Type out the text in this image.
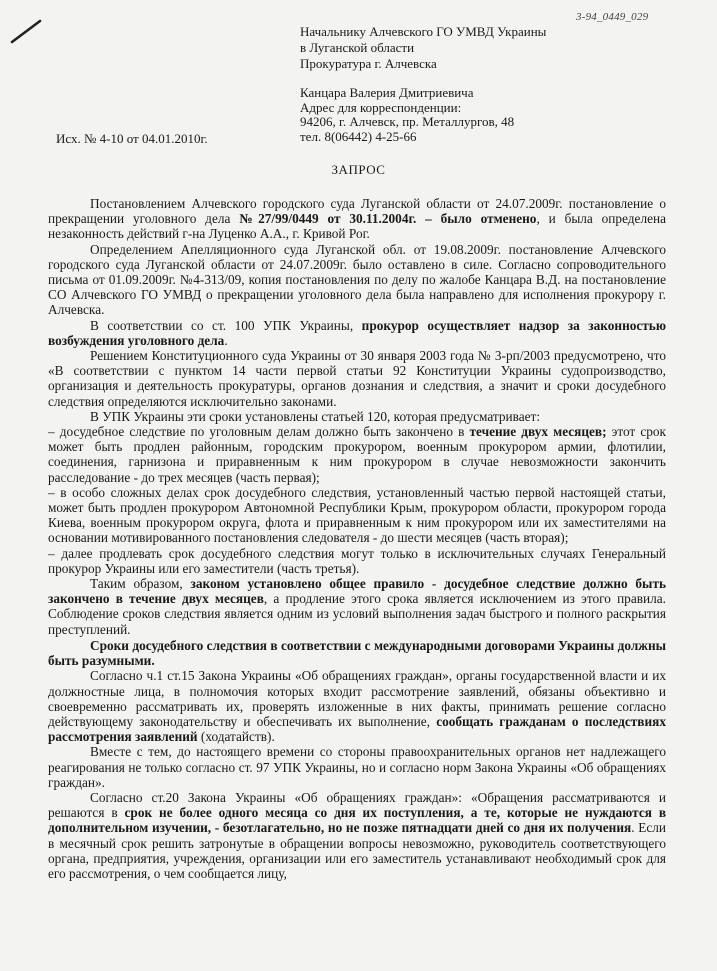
3-94_0449_029
Начальнику Алчевского ГО УМВД Украины
в Луганской области
Прокуратура г. Алчевска
Канцара Валерия Дмитриевича
Адрес для корреспонденции:
94206, г. Алчевск, пр. Металлургов, 48
тел. 8(06442) 4-25-66
Исх. № 4-10 от 04.01.2010г.
ЗАПРОС

Постановлением Алчевского городского суда Луганской области от 24.07.2009г. постановление о прекращении уголовного дела №27/99/0449 от 30.11.2004г. – было отменено, и была определена незаконность действий г-на Луценко А.А., г. Кривой Рог.

Определением Апелляционного суда Луганской обл. от 19.08.2009г. постановление Алчевского городского суда Луганской области от 24.07.2009г. было оставлено в силе. Согласно сопроводительного письма от 01.09.2009г. №4-313/09, копия постановления по делу по жалобе Канцара В.Д. на постановление СО Алчевского ГО УМВД о прекращении уголовного дела была направлено для исполнения прокурору г. Алчевска.

В соответствии со ст. 100 УПК Украины, прокурор осуществляет надзор за законностью возбуждения уголовного дела.

Решением Конституционного суда Украины от 30 января 2003 года № 3-рп/2003 предусмотрено, что «В соответствии с пунктом 14 части первой статьи 92 Конституции Украины судопроизводство, организация и деятельность прокуратуры, органов дознания и следствия, а значит и сроки досудебного следствия определяются исключительно законами.

В УПК Украины эти сроки установлены статьей 120, которая предусматривает:

– досудебное следствие по уголовным делам должно быть закончено в течение двух месяцев; этот срок может быть продлен районным, городским прокурором, военным прокурором армии, флотилии, соединения, гарнизона и приравненным к ним прокурором в случае невозможности закончить расследование - до трех месяцев (часть первая);

– в особо сложных делах срок досудебного следствия, установленный частью первой настоящей статьи, может быть продлен прокурором Автономной Республики Крым, прокурором области, прокурором города Киева, военным прокурором округа, флота и приравненным к ним прокурором или их заместителями на основании мотивированного постановления следователя - до шести месяцев (часть вторая);

– далее продлевать срок досудебного следствия могут только в исключительных случаях Генеральный прокурор Украины или его заместители (часть третья).

Таким образом, законом установлено общее правило - досудебное следствие должно быть закончено в течение двух месяцев, а продление этого срока является исключением из этого правила. Соблюдение сроков следствия является одним из условий выполнения задач быстрого и полного раскрытия преступлений.

Сроки досудебного следствия в соответствии с международными договорами Украины должны быть разумными.

Согласно ч.1 ст.15 Закона Украины «Об обращениях граждан», органы государственной власти и их должностные лица, в полномочия которых входит рассмотрение заявлений, обязаны объективно и своевременно рассматривать их, проверять изложенные в них факты, принимать решение согласно действующему законодательству и обеспечивать их выполнение, сообщать гражданам о последствиях рассмотрения заявлений (ходатайств).

Вместе с тем, до настоящего времени со стороны правоохранительных органов нет надлежащего реагирования не только согласно ст. 97 УПК Украины, но и согласно норм Закона Украины «Об обращениях граждан».

Согласно ст.20 Закона Украины «Об обращениях граждан»: «Обращения рассматриваются и решаются в срок не более одного месяца со дня их поступления, а те, которые не нуждаются в дополнительном изучении, - безотлагательно, но не позже пятнадцати дней со дня их получения. Если в месячный срок решить затронутые в обращении вопросы невозможно, руководитель соответствующего органа, предприятия, учреждения, организации или его заместитель устанавливают необходимый срок для его рассмотрения, о чем сообщается лицу,
